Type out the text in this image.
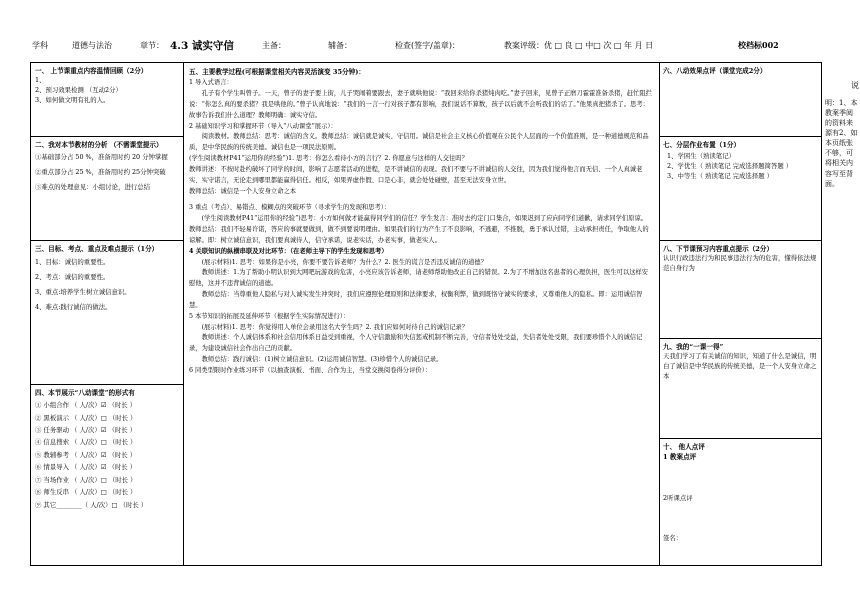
学科	道德与法治	章节： 4.3 诚实守信	主备：	辅备：	检查(签字/盖章)：	教案评级：优 □ 良 □ 中□ 次 □ 年 月 日	校档标002
一、 上节课重点内容温情回顾（2分）
1、
2、预习效果检测 （互动2分）
3、如何做文明有礼的人。
二、我对本节教材的分析 （不需课堂提示）
①基础部分占 50 %，准备用时约 20 分钟掌握
②重点部分占 25 %，准备用时约 25分钟突破
③难点的处理意见：小组讨论，进行总结
三、目标、考点、重点及难点提示（1分）
1、目标：诚信的重要性。
2、考点：诚信的重要性。
3、重点:培养学生树立诚信意识。
4、难点:践行诚信的做法。
四、本节展示“八动课堂”的形式有
① 小组合作 （ 人/次）☑ （时长 ）
② 黑板演示 （ 人/次）□ （时长 ）
③ 任务驱动 （ 人/次）☑ （时长 ）
④ 信息搜索 （ 人/次）□ （时长 ）
⑤ 教辅参考 （ 人/次）☑ （时长 ）
⑥ 情景导入 （ 人/次）☑ （时长 ）
⑦ 当场作业 （ 人/次）□ （时长 ）
⑧ 师生反串 （ 人/次）□ （时长 ）
⑨ 其它________（ 人/次）□ （时长 ）
五、主要教学过程(可根据课堂相关内容灵活演变 35分钟)：
1 导入式语言：
孔子有个学生叫曾子。一天，曾子的妻子要上街，儿子哭闹着要跟去，妻子就哄他说：“我回来给你杀猪炖肉吃。”妻子回来，见曾子正磨刀霍霍准备杀猪，赶忙阻拦说：“你怎么真的要杀猪？我是哄他的。”曾子认真地说：“我们的一言一行对孩子都有影响，我们说话不算数，孩子以后就不会听我们的话了。”他果真把猪杀了。思考：故事告诉我们什么道理？教师明确：诚实守信。
2 基础知识学习和掌握环节（导入“八动课堂”展示）：
阅读教材。教师总结：思考：诚信的含义。教师总结：诚信就是诚实、守信用。诚信是社会主义核心价值观在公民个人层面的一个价值准则，是一种道德规范和品质，是中华民族的传统美德。诚信也是一项民法原则。
(学生阅读教材P41“运用你的经验”)1. 思考：你怎么看待小方的言行？2. 你愿意与这样的人交往吗？
教师讲述：不按时赴约破坏了同学的时间，影响了志愿者活动的进程，是不讲诚信的表现。我们不要与不讲诚信的人交往，因为我们觉得他言而无信、一个人真诚老实、实守诺言，无论走到哪里都能赢得信任。相反，如果弄虚作假、口是心非，就会处处碰壁，甚至无法安身立世。
教师总结：诚信是一个人安身立命之本
3 重点（考点）、易错点、模糊点的突破环节（寻求学生的发现和思考）：
(学生阅读教材P41“运用你的经验”)思考：小方如何做才能赢得同学们的信任？学生发言：准时去约定门口集合，如果迟到了应向同学们道歉，请求同学们原谅。教师总结：我们不轻易许诺，答应的事就要做到，做不到要说明理由。如果我们的行为产生了不良影响，不逃避，不推脱，勇于承认过错，主动承担责任，争取他人的谅解。即：树立诚信意识，我们要真诚待人，信守承诺，说老实话，办老实事，做老实人。
4 关联知识的纵横串联及对比环节：（在老师主导下的学生发现和思考）
(展示材料)1. 思考：如果你是小亮，你要不要告诉老师？为什么？2. 医生的谎言是否违反诚信的道德？
教师讲述：1.为了帮助小明认识到大网吧玩游戏的危害，小亮应该告诉老师，请老师帮助他改正自己的错误。2.为了不增加这名患者的心理负担，医生可以这样安慰他，这并不违背诚信的道德。
教师总结：当尊重他人隐私与对人诚实发生冲突时，我们应遵照伦理原则和法律要求，权衡利弊，做到既恪守诚实的要求，又尊重他人的隐私。即：运用诚信智慧。
5 本节知识的拓展及延伸环节（根据学生实际情况进行）：
(展示材料)1. 思考：你觉得用人单位会录用这名大学生吗？2. 我们应如何对待自己的诚信记录？
教师讲述：个人诚信体系和社会信用体系日益受到重视，个人守信激励和失信惩戒机制不断完善，守信者处处受益，失信者处处受限，我们要珍惜个人的诚信记录，为建设诚信社会作出自己的贡献。
教师总结：践行诚信：(1)树立诚信意识。(2)运用诚信智慧。(3)珍惜个人的诚信记录。
6 同类型限时作业练习环节（以抽查演板、书面、合作为主，当堂交换阅卷得分评价）：
六、八动效果点评（课堂完成2分）
七、分层作业布置（1分）
1、学困生（熟读笔记）
2、学优生（ 熟读笔记 完成选择题简答题 ）
3、中等生（ 熟读笔记 完成选择题 ）
八、下节课预习内容重点提示（2分）
认识行政违法行为和民事违法行为的危害，懂得依法规范自身行为
九、我的“一课一得”
天我们学习了有关诚信的知识，知道了什么是诚信，明白了诚信是中华民族的传统美德，是一个人安身立命之本
十、 他人点评
1 教案点评
2听课点评
签名：
说
明：1、本教案季阅的资料来源有2、如本页纸张不够，可将相关内容写至背面。
